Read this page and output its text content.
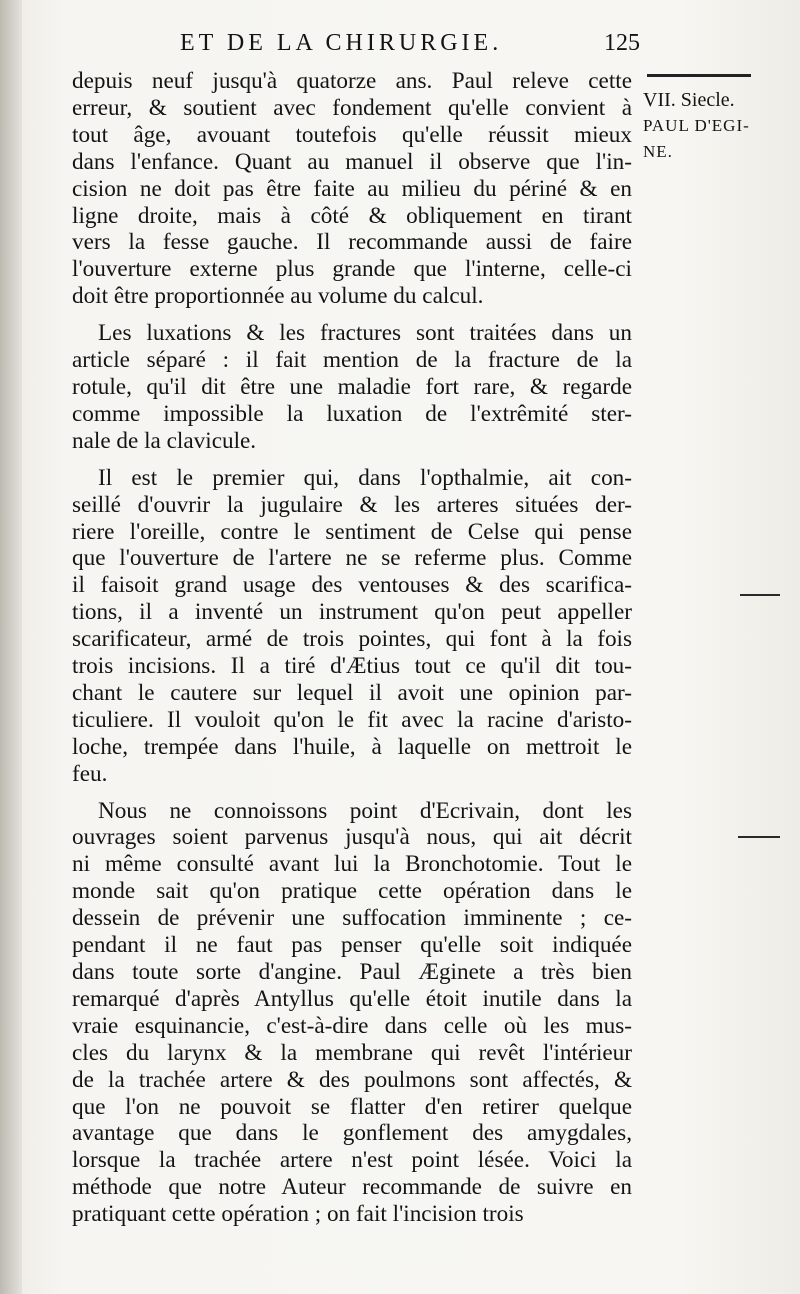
ET DE LA CHIRURGIE.	125
VII. Siecle.
PAUL D'EGI-
NE.
depuis neuf jusqu'à quatorze ans. Paul releve cette
erreur, & soutient avec fondement qu'elle convient à
tout âge, avouant toutefois qu'elle réussit mieux
dans l'enfance. Quant au manuel il observe que l'in-
cision ne doit pas être faite au milieu du périné & en
ligne droite, mais à côté & obliquement en tirant
vers la fesse gauche. Il recommande aussi de faire
l'ouverture externe plus grande que l'interne, celle-ci
doit être proportionnée au volume du calcul.
Les luxations & les fractures sont traitées dans un
article séparé : il fait mention de la fracture de la
rotule, qu'il dit être une maladie fort rare, & regarde
comme impossible la luxation de l'extrêmité ster-
nale de la clavicule.
Il est le premier qui, dans l'opthalmie, ait con-
seillé d'ouvrir la jugulaire & les arteres situées der-
riere l'oreille, contre le sentiment de Celse qui pense
que l'ouverture de l'artere ne se referme plus. Comme
il faisoit grand usage des ventouses & des scarifica-
tions, il a inventé un instrument qu'on peut appeller
scarificateur, armé de trois pointes, qui font à la fois
trois incisions. Il a tiré d'Ætius tout ce qu'il dit tou-
chant le cautere sur lequel il avoit une opinion par-
ticuliere. Il vouloit qu'on le fit avec la racine d'aristo-
loche, trempée dans l'huile, à laquelle on mettroit le
feu.
Nous ne connoissons point d'Ecrivain, dont les
ouvrages soient parvenus jusqu'à nous, qui ait décrit
ni même consulté avant lui la Bronchotomie. Tout le
monde sait qu'on pratique cette opération dans le
dessein de prévenir une suffocation imminente ; ce-
pendant il ne faut pas penser qu'elle soit indiquée
dans toute sorte d'angine. Paul Æginete a très bien
remarqué d'après Antyllus qu'elle étoit inutile dans la
vraie esquinancie, c'est-à-dire dans celle où les mus-
cles du larynx & la membrane qui revêt l'intérieur
de la trachée artere & des poulmons sont affectés, &
que l'on ne pouvoit se flatter d'en retirer quelque
avantage que dans le gonflement des amygdales,
lorsque la trachée artere n'est point lésée. Voici la
méthode que notre Auteur recommande de suivre en
pratiquant cette opération ; on fait l'incision trois
